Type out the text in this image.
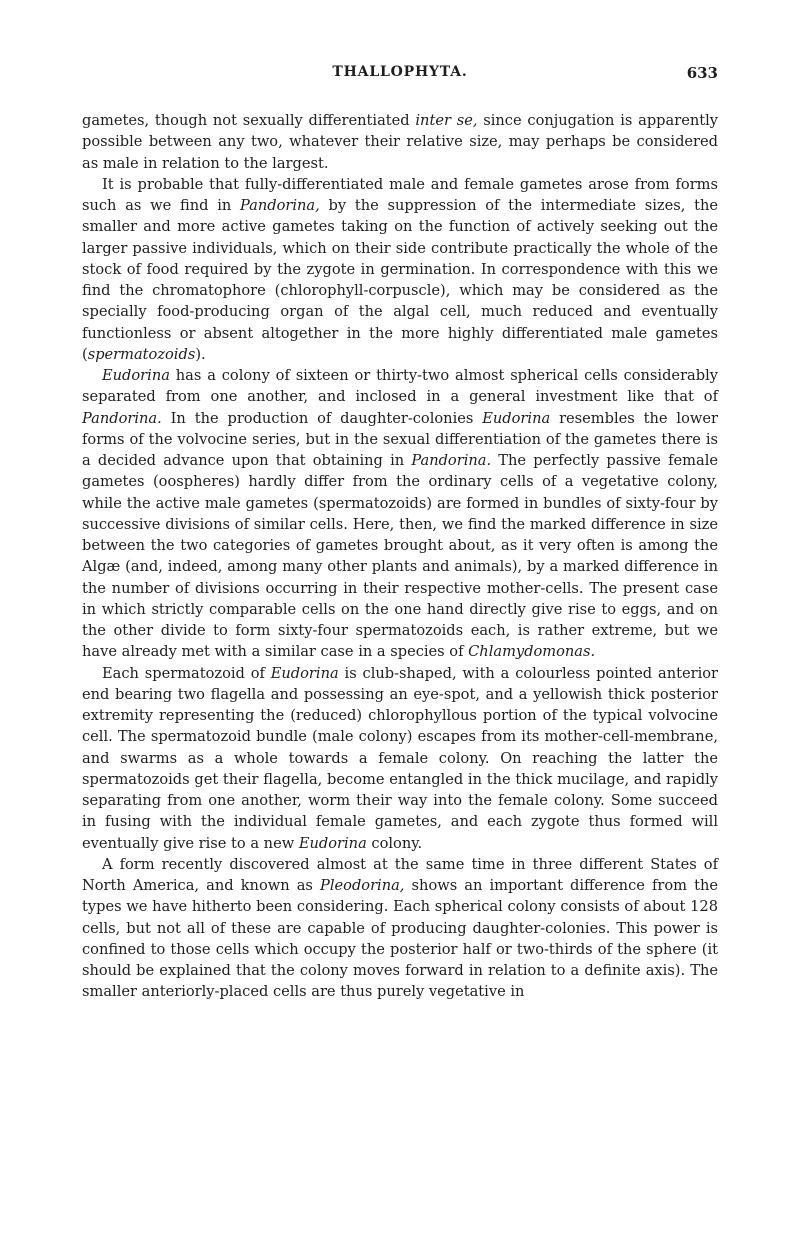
THALLOPHYTA.	633

gametes, though not sexually differentiated inter se, since conjugation is apparently possible between any two, whatever their relative size, may perhaps be considered as male in relation to the largest.

It is probable that fully-differentiated male and female gametes arose from forms such as we find in Pandorina, by the suppression of the intermediate sizes, the smaller and more active gametes taking on the function of actively seeking out the larger passive individuals, which on their side contribute practically the whole of the stock of food required by the zygote in germination. In correspondence with this we find the chromatophore (chlorophyll-corpuscle), which may be considered as the specially food-producing organ of the algal cell, much reduced and eventually functionless or absent altogether in the more highly differentiated male gametes (spermatozoids).

Eudorina has a colony of sixteen or thirty-two almost spherical cells considerably separated from one another, and inclosed in a general investment like that of Pandorina. In the production of daughter-colonies Eudorina resembles the lower forms of the volvocine series, but in the sexual differentiation of the gametes there is a decided advance upon that obtaining in Pandorina. The perfectly passive female gametes (oospheres) hardly differ from the ordinary cells of a vegetative colony, while the active male gametes (spermatozoids) are formed in bundles of sixty-four by successive divisions of similar cells. Here, then, we find the marked difference in size between the two categories of gametes brought about, as it very often is among the Algæ (and, indeed, among many other plants and animals), by a marked difference in the number of divisions occurring in their respective mother-cells. The present case in which strictly comparable cells on the one hand directly give rise to eggs, and on the other divide to form sixty-four spermatozoids each, is rather extreme, but we have already met with a similar case in a species of Chlamydomonas.

Each spermatozoid of Eudorina is club-shaped, with a colourless pointed anterior end bearing two flagella and possessing an eye-spot, and a yellowish thick posterior extremity representing the (reduced) chlorophyllous portion of the typical volvocine cell. The spermatozoid bundle (male colony) escapes from its mother-cell-membrane, and swarms as a whole towards a female colony. On reaching the latter the spermatozoids get their flagella, become entangled in the thick mucilage, and rapidly separating from one another, worm their way into the female colony. Some succeed in fusing with the individual female gametes, and each zygote thus formed will eventually give rise to a new Eudorina colony.

A form recently discovered almost at the same time in three different States of North America, and known as Pleodorina, shows an important difference from the types we have hitherto been considering. Each spherical colony consists of about 128 cells, but not all of these are capable of producing daughter-colonies. This power is confined to those cells which occupy the posterior half or two-thirds of the sphere (it should be explained that the colony moves forward in relation to a definite axis). The smaller anteriorly-placed cells are thus purely vegetative in
